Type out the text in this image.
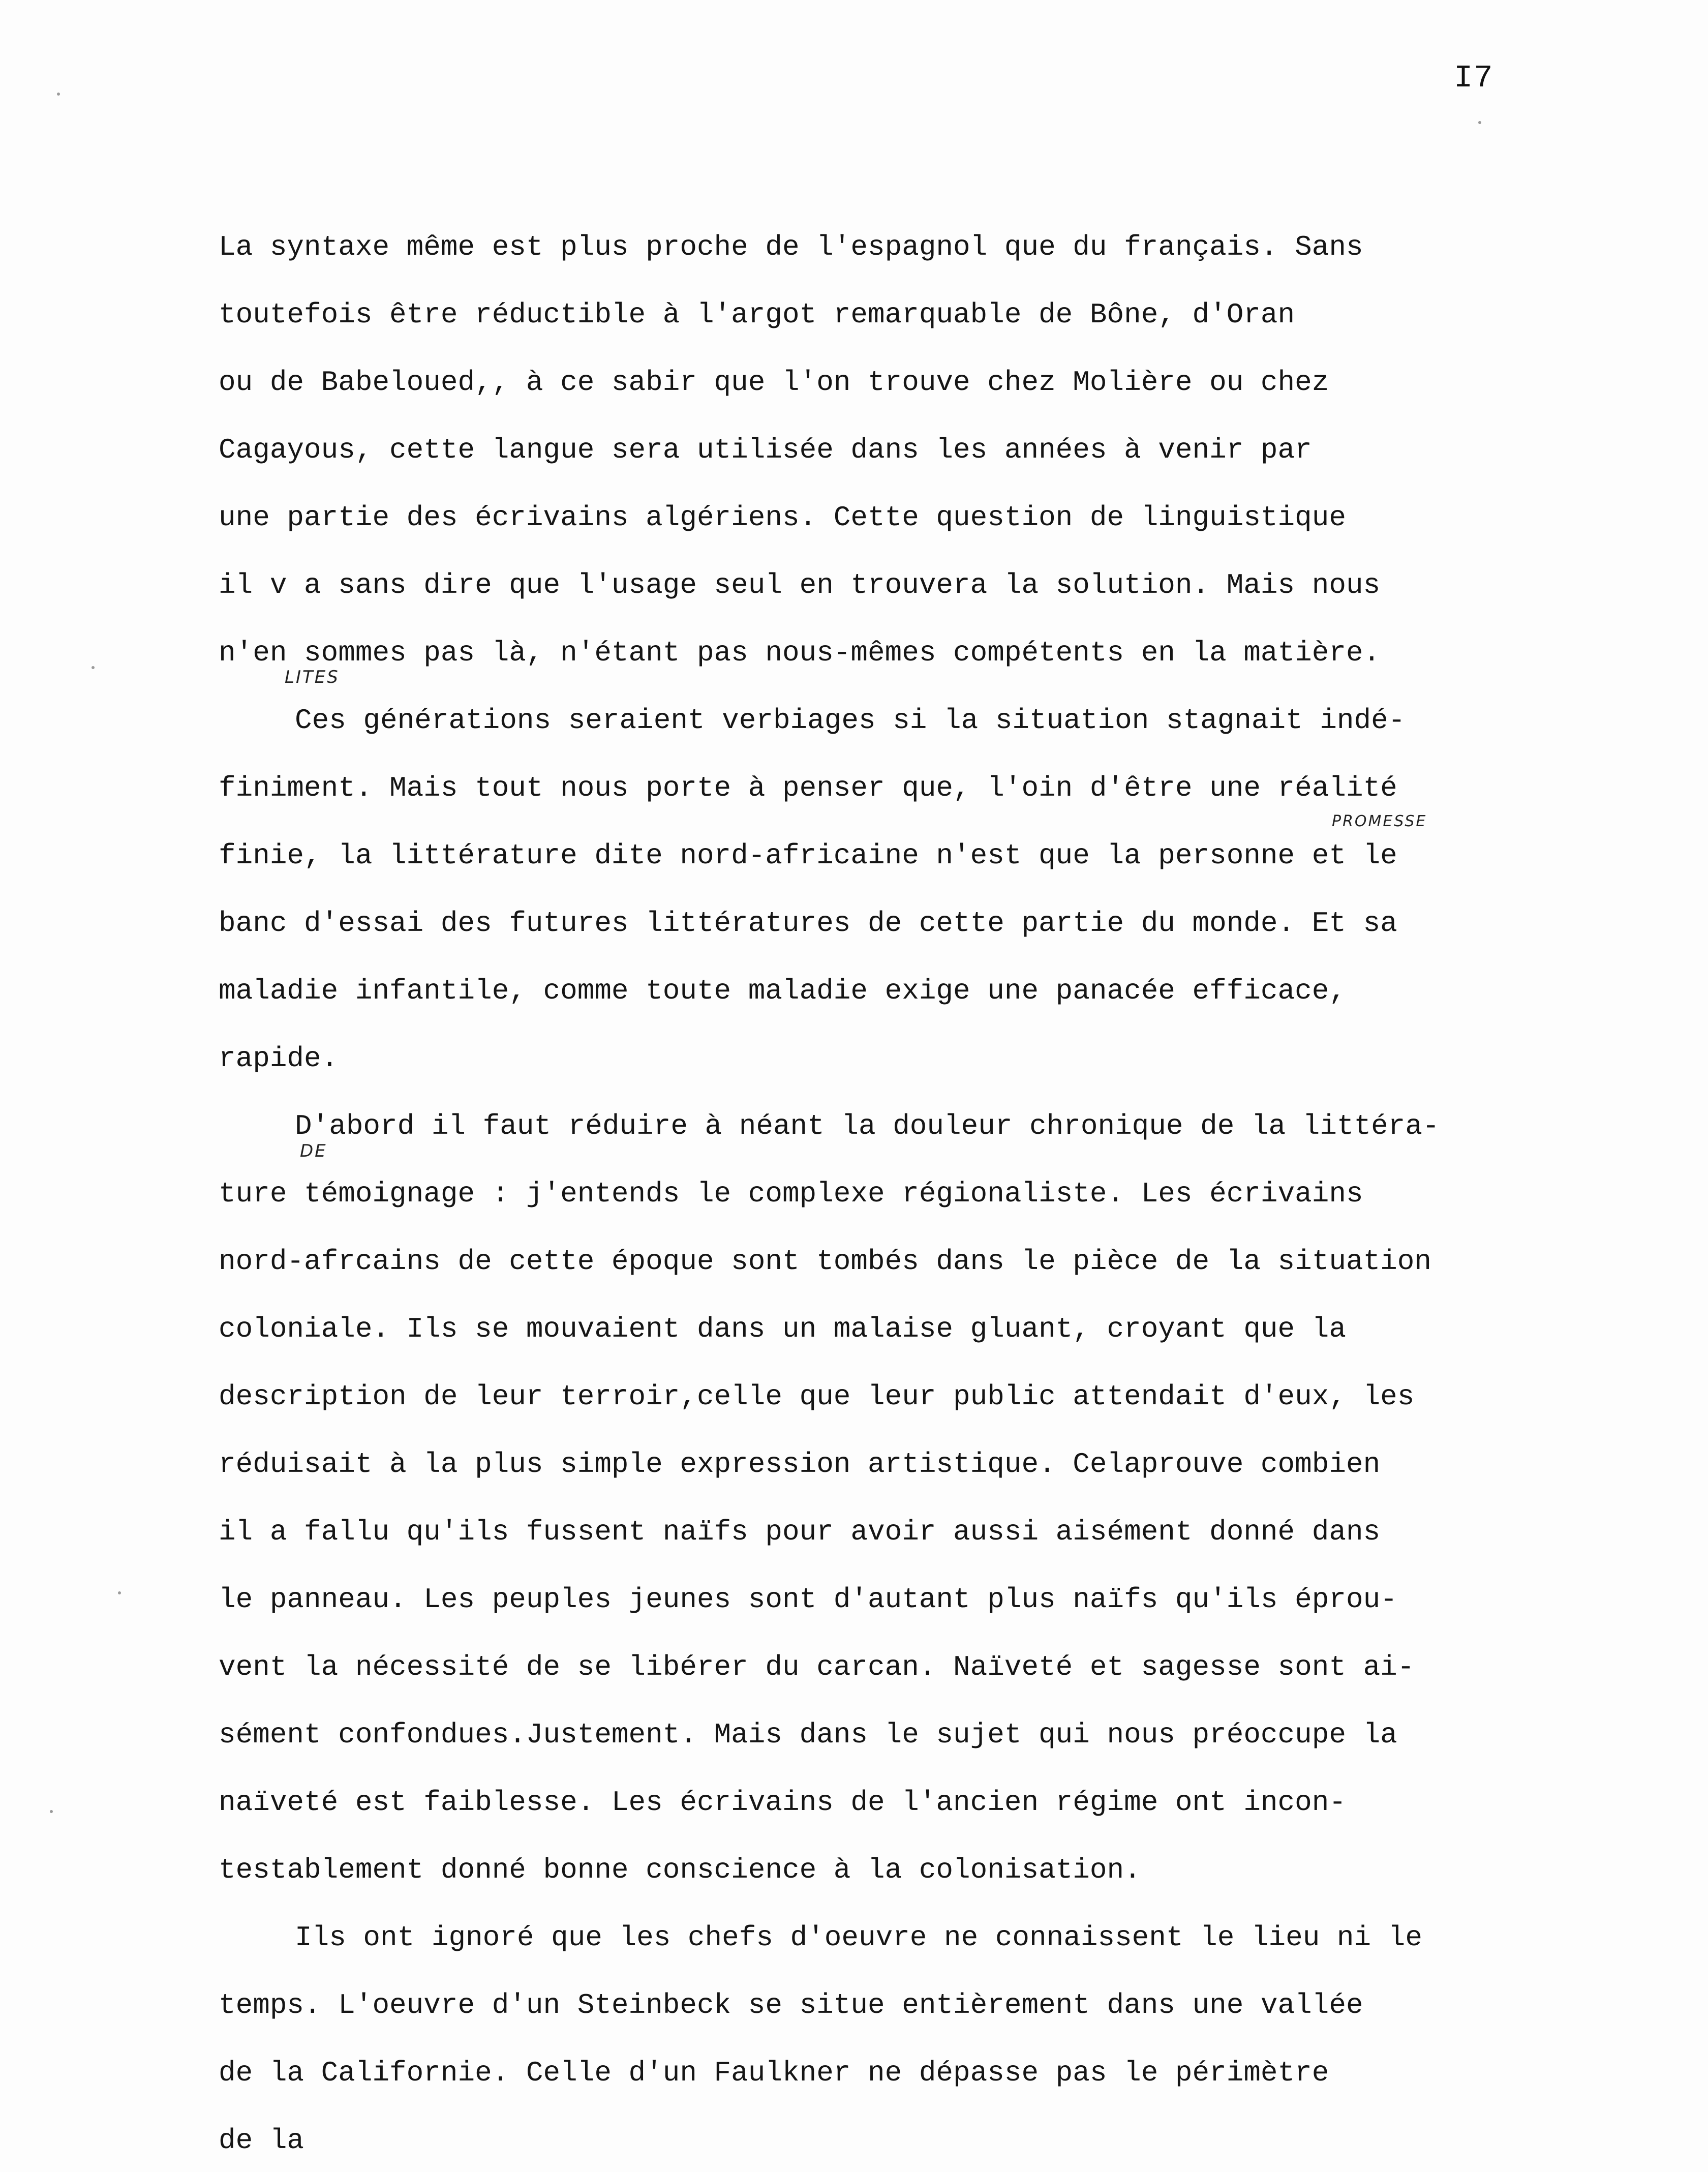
I7
La syntaxe même est plus proche de l'espagnol que du français. Sans
toutefois être réductible à l'argot remarquable de Bône, d'Oran
ou de Babeloued,, à ce sabir que l'on trouve chez Molière ou chez
Cagayous, cette langue sera utilisée dans les années à venir par
une partie des écrivains algériens. Cette question de linguistique
il v a sans dire que l'usage seul en trouvera la solution. Mais nous
n'en sommes pas là, n'étant pas nous-mêmes compétents en la matière.
Ces générations seraient verbiages si la situation stagnait indé-
finiment. Mais tout nous porte à penser que, l'oin d'être une réalité
finie, la littérature dite nord-africaine n'est que la personne et le
banc d'essai des futures littératures de cette partie du monde. Et sa
maladie infantile, comme toute maladie exige une panacée efficace,
rapide.
D'abord il faut réduire à néant la douleur chronique de la littéra-
ture témoignage : j'entends le complexe régionaliste. Les écrivains
nord-afrcains de cette époque sont tombés dans le pièce de la situation
coloniale. Ils se mouvaient dans un malaise gluant, croyant que la
description de leur terroir,celle que leur public attendait d'eux, les
réduisait à la plus simple expression artistique. Celaprouve combien
il a fallu qu'ils fussent naïfs pour avoir aussi aisément donné dans
le panneau. Les peuples jeunes sont d'autant plus naïfs qu'ils éprou-
vent la nécessité de se libérer du carcan. Naïveté et sagesse sont ai-
sément confondues.Justement. Mais dans le sujet qui nous préoccupe la
naïveté est faiblesse. Les écrivains de l'ancien régime ont incon-
testablement donné bonne conscience à la colonisation.
Ils ont ignoré que les chefs d'oeuvre ne connaissent le lieu ni le
temps. L'oeuvre d'un Steinbeck se situe entièrement dans une vallée
de la Californie. Celle d'un Faulkner ne dépasse pas le périmètre
de la
LITES
PROMESSE
DE
